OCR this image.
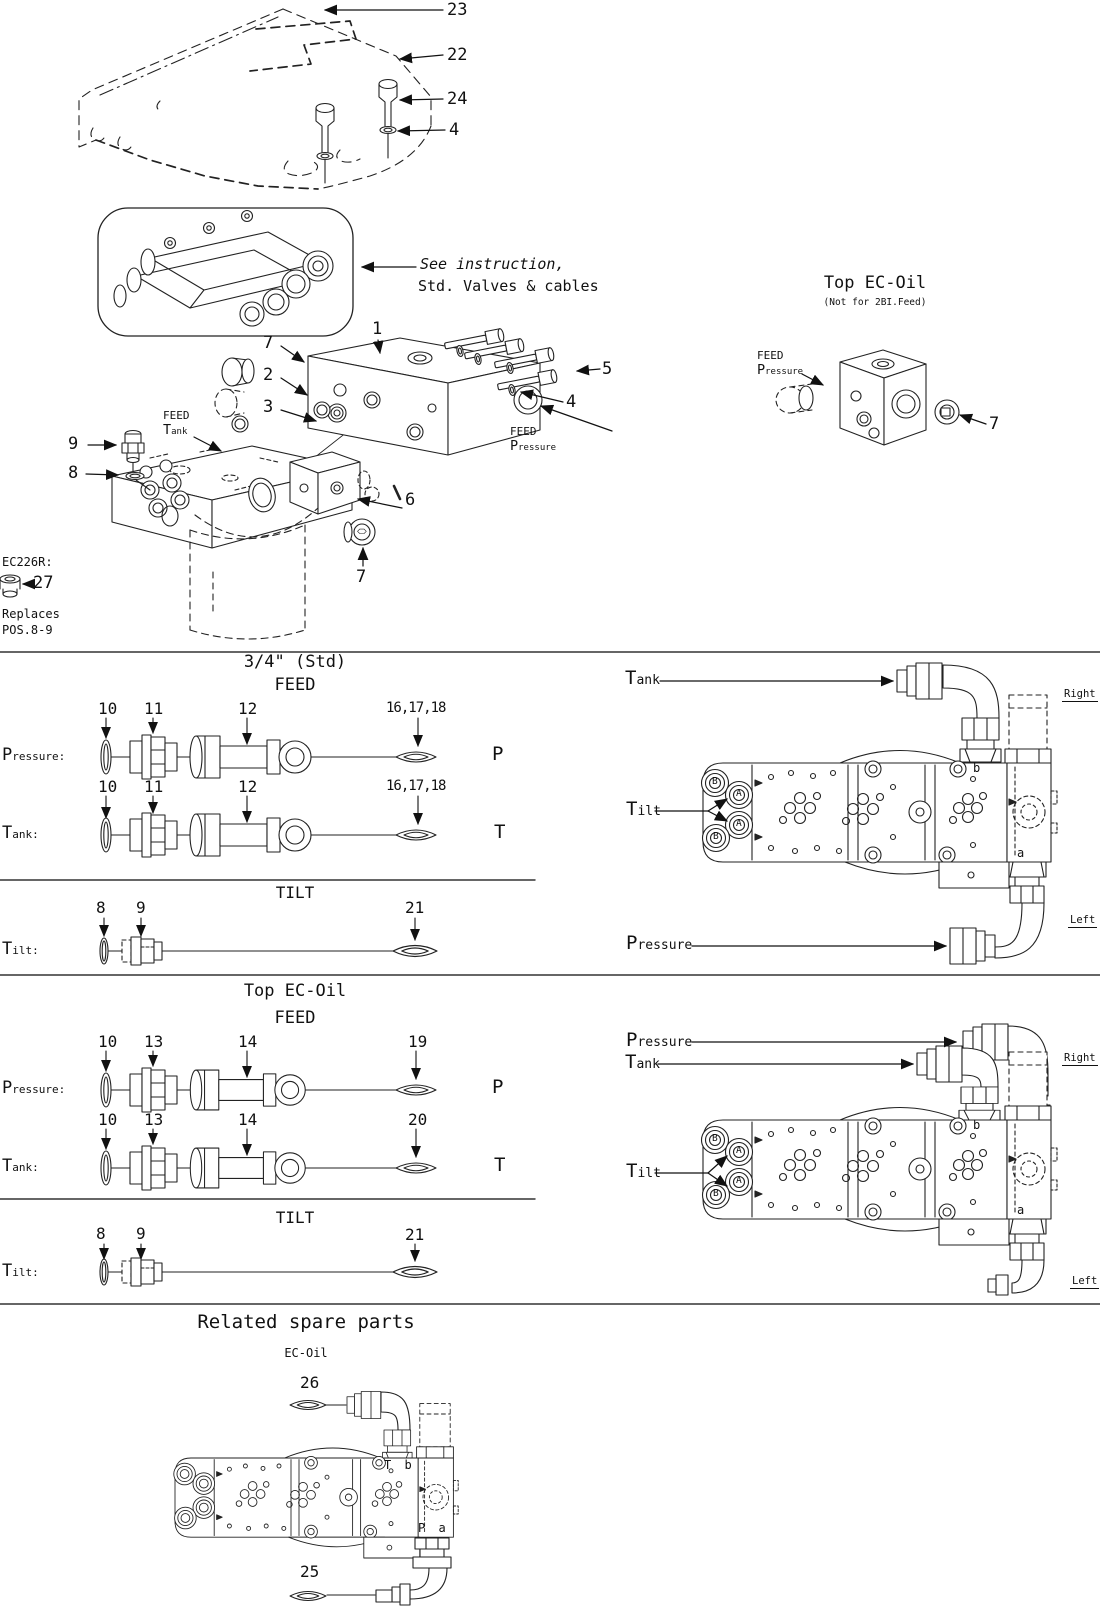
23
22
24
4
See instruction,
Std. Valves & cables
1
7
2
3
5
4
FEED
Pressure
FEED
Tank
9
8
6
7
EC226R:
27
Replaces
POS.8-9
Top EC-Oil
(Not for 2BI.Feed)
FEED
Pressure
7
3/4" (Std)
FEED
10 11	12	16,17,18
Pressure:	P
10 11	12	16,17,18
Tank:	T
TILT
8 9	21
Tilt:
Tank
Tilt
Pressure
Right
Left
B
A
A
B
b
a
Top EC-Oil
FEED
10 13	14	19
Pressure:	P
10 13	14	20
Tank:	T
TILT
8 9	21
Tilt:
Pressure
Tank
Tilt
Right
Left
B
A
A
B
b
a
Related spare parts
EC-Oil
26
25
T b
P a
